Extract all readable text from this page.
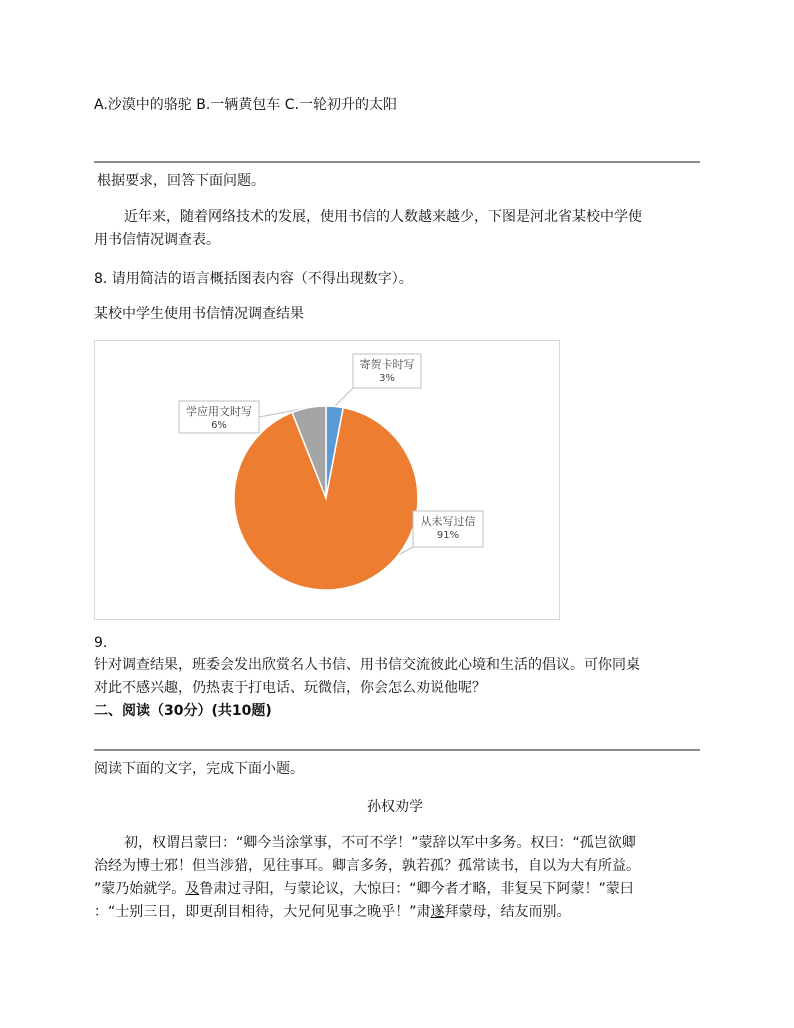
A.沙漠中的骆驼 B.一辆黄包车 C.一轮初升的太阳
根据要求，回答下面问题。
近年来，随着网络技术的发展，使用书信的人数越来越少，下图是河北省某校中学使
用书信情况调查表。
8. 请用简洁的语言概括图表内容（不得出现数字）。
某校中学生使用书信情况调查结果
寄贺卡时写
3%
从未写过信
91%
学应用文时写
6%
9.
针对调查结果，班委会发出欣赏名人书信、用书信交流彼此心境和生活的倡议。可你同桌
对此不感兴趣，仍热衷于打电话、玩微信，你会怎么劝说他呢？
二、阅读（30分）(共10题)
阅读下面的文字，完成下面小题。
孙权劝学
初，权谓吕蒙曰：“卿今当涂掌事，不可不学！”蒙辞以军中多务。权曰：“孤岂欲卿
治经为博士邪！但当涉猎，见往事耳。卿言多务，孰若孤？孤常读书，自以为大有所益。
”蒙乃始就学。及鲁肃过寻阳，与蒙论议，大惊曰：“卿今者才略，非复吴下阿蒙！”蒙曰
：“士别三日，即更刮目相待，大兄何见事之晚乎！”肃遂拜蒙母，结友而别。
